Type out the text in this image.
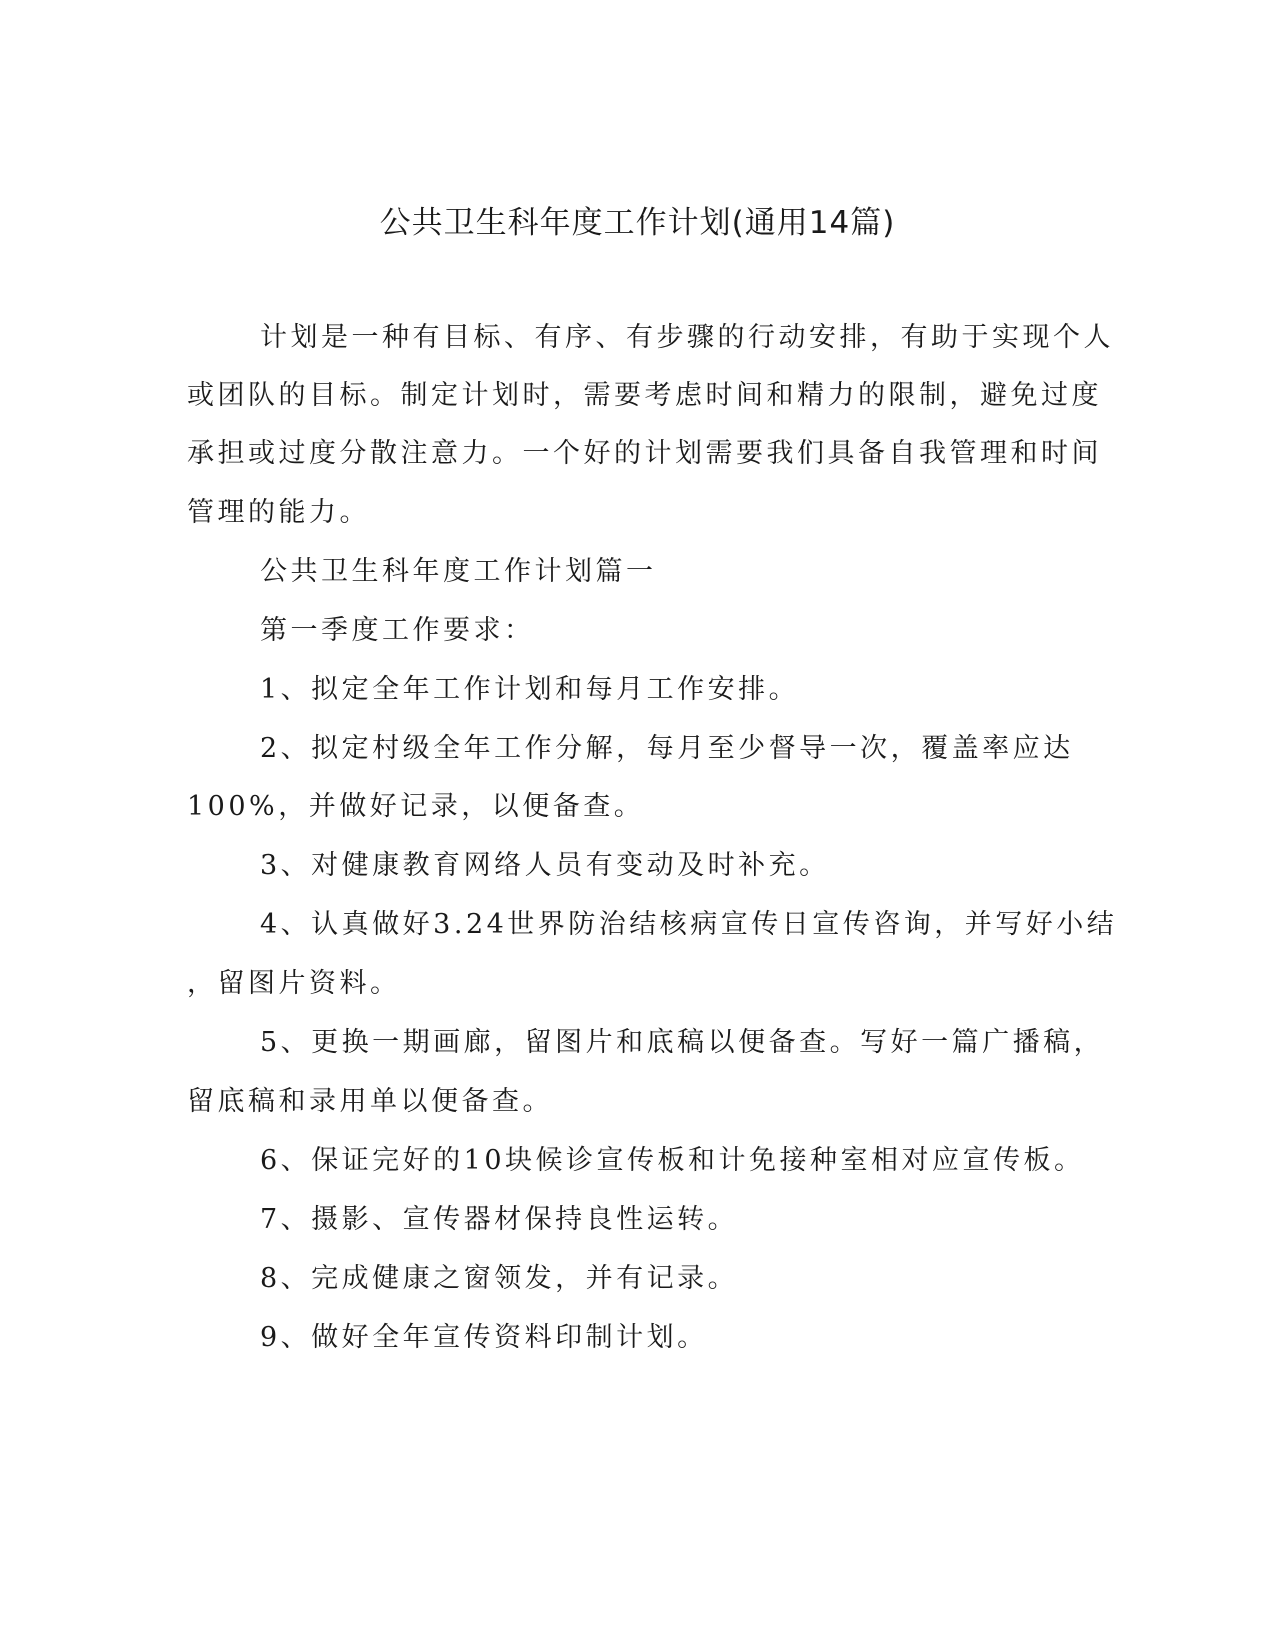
公共卫生科年度工作计划(通用14篇)

计划是一种有目标、有序、有步骤的行动安排，有助于实现个人

或团队的目标。制定计划时，需要考虑时间和精力的限制，避免过度

承担或过度分散注意力。一个好的计划需要我们具备自我管理和时间

管理的能力。

公共卫生科年度工作计划篇一

第一季度工作要求：

1、拟定全年工作计划和每月工作安排。

2、拟定村级全年工作分解，每月至少督导一次，覆盖率应达

100%，并做好记录，以便备查。

3、对健康教育网络人员有变动及时补充。

4、认真做好3.24世界防治结核病宣传日宣传咨询，并写好小结

，留图片资料。

5、更换一期画廊，留图片和底稿以便备查。写好一篇广播稿，

留底稿和录用单以便备查。

6、保证完好的10块候诊宣传板和计免接种室相对应宣传板。

7、摄影、宣传器材保持良性运转。

8、完成健康之窗领发，并有记录。

9、做好全年宣传资料印制计划。
